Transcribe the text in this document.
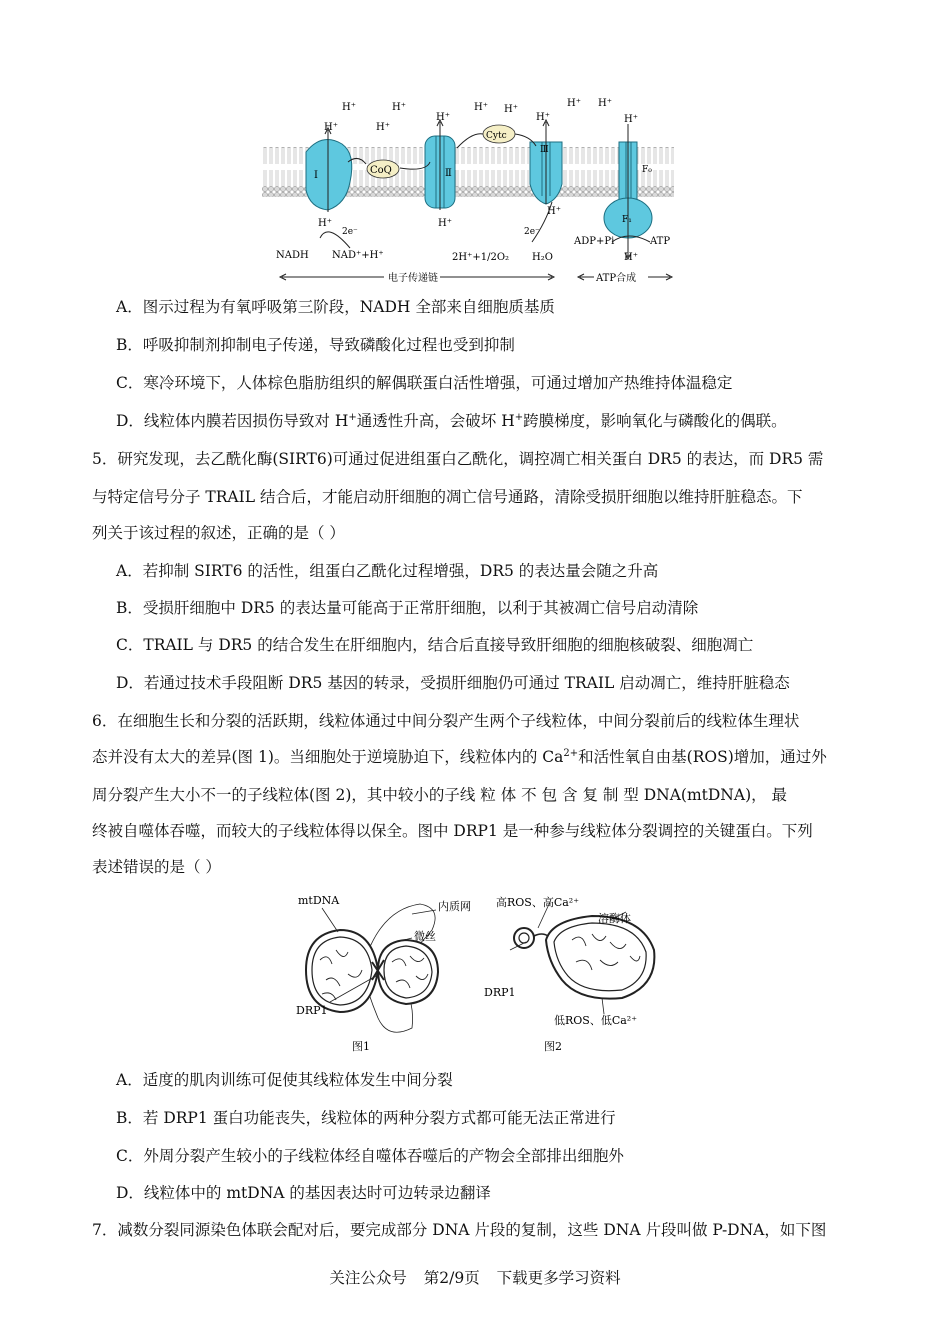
I	CoQ	Ⅱ
Cytc
Ⅲ
F₀
F₁
H⁺	H⁺
H⁺	H⁺
H⁺ H⁺
H⁺	H⁺
H⁺ H⁺
H⁺
H⁺	H⁺
H⁺
H⁺
2e⁻	2e⁻
NADH NAD⁺+H⁺	2H⁺+1/2O₂ H₂O
ADP+Pi	ATP
电子传递链	ATP合成
A．图示过程为有氧呼吸第三阶段，NADH 全部来自细胞质基质
B．呼吸抑制剂抑制电子传递，导致磷酸化过程也受到抑制
C．寒冷环境下，人体棕色脂肪组织的解偶联蛋白活性增强，可通过增加产热维持体温稳定
D．线粒体内膜若因损伤导致对 H+通透性升高，会破坏 H+跨膜梯度，影响氧化与磷酸化的偶联。
5．研究发现，去乙酰化酶(SIRT6)可通过促进组蛋白乙酰化，调控凋亡相关蛋白 DR5 的表达，而 DR5 需
与特定信号分子 TRAIL 结合后，才能启动肝细胞的凋亡信号通路，清除受损肝细胞以维持肝脏稳态。下
列关于该过程的叙述，正确的是（ ）
A．若抑制 SIRT6 的活性，组蛋白乙酰化过程增强，DR5 的表达量会随之升高
B．受损肝细胞中 DR5 的表达量可能高于正常肝细胞，以利于其被凋亡信号启动清除
C．TRAIL 与 DR5 的结合发生在肝细胞内，结合后直接导致肝细胞的细胞核破裂、细胞凋亡
D．若通过技术手段阻断 DR5 基因的转录，受损肝细胞仍可通过 TRAIL 启动凋亡，维持肝脏稳态
6．在细胞生长和分裂的活跃期，线粒体通过中间分裂产生两个子线粒体，中间分裂前后的线粒体生理状
态并没有太大的差异(图 1)。当细胞处于逆境胁迫下，线粒体内的 $Ca^{2+}$和活性氧自由基(ROS)增加，通过外
周分裂产生大小不一的子线粒体(图 2)，其中较小的子线 粒 体 不 包 含 复 制 型 DNA(mtDNA)， 最
终被自噬体吞噬，而较大的子线粒体得以保全。图中 DRP1 是一种参与线粒体分裂调控的关键蛋白。下列
表述错误的是（ ）
mtDNA	内质网
微丝
DRP1
图1
高ROS、高Ca²⁺
溶酶体
DRP1
低ROS、低Ca²⁺
图2
A．适度的肌肉训练可促使其线粒体发生中间分裂
B．若 DRP1 蛋白功能丧失，线粒体的两种分裂方式都可能无法正常进行
C．外周分裂产生较小的子线粒体经自噬体吞噬后的产物会全部排出细胞外
D．线粒体中的 mtDNA 的基因表达时可边转录边翻译
7．减数分裂同源染色体联会配对后，要完成部分 DNA 片段的复制，这些 DNA 片段叫做 P-DNA，如下图
关注公众号 第2/9页 下载更多学习资料
